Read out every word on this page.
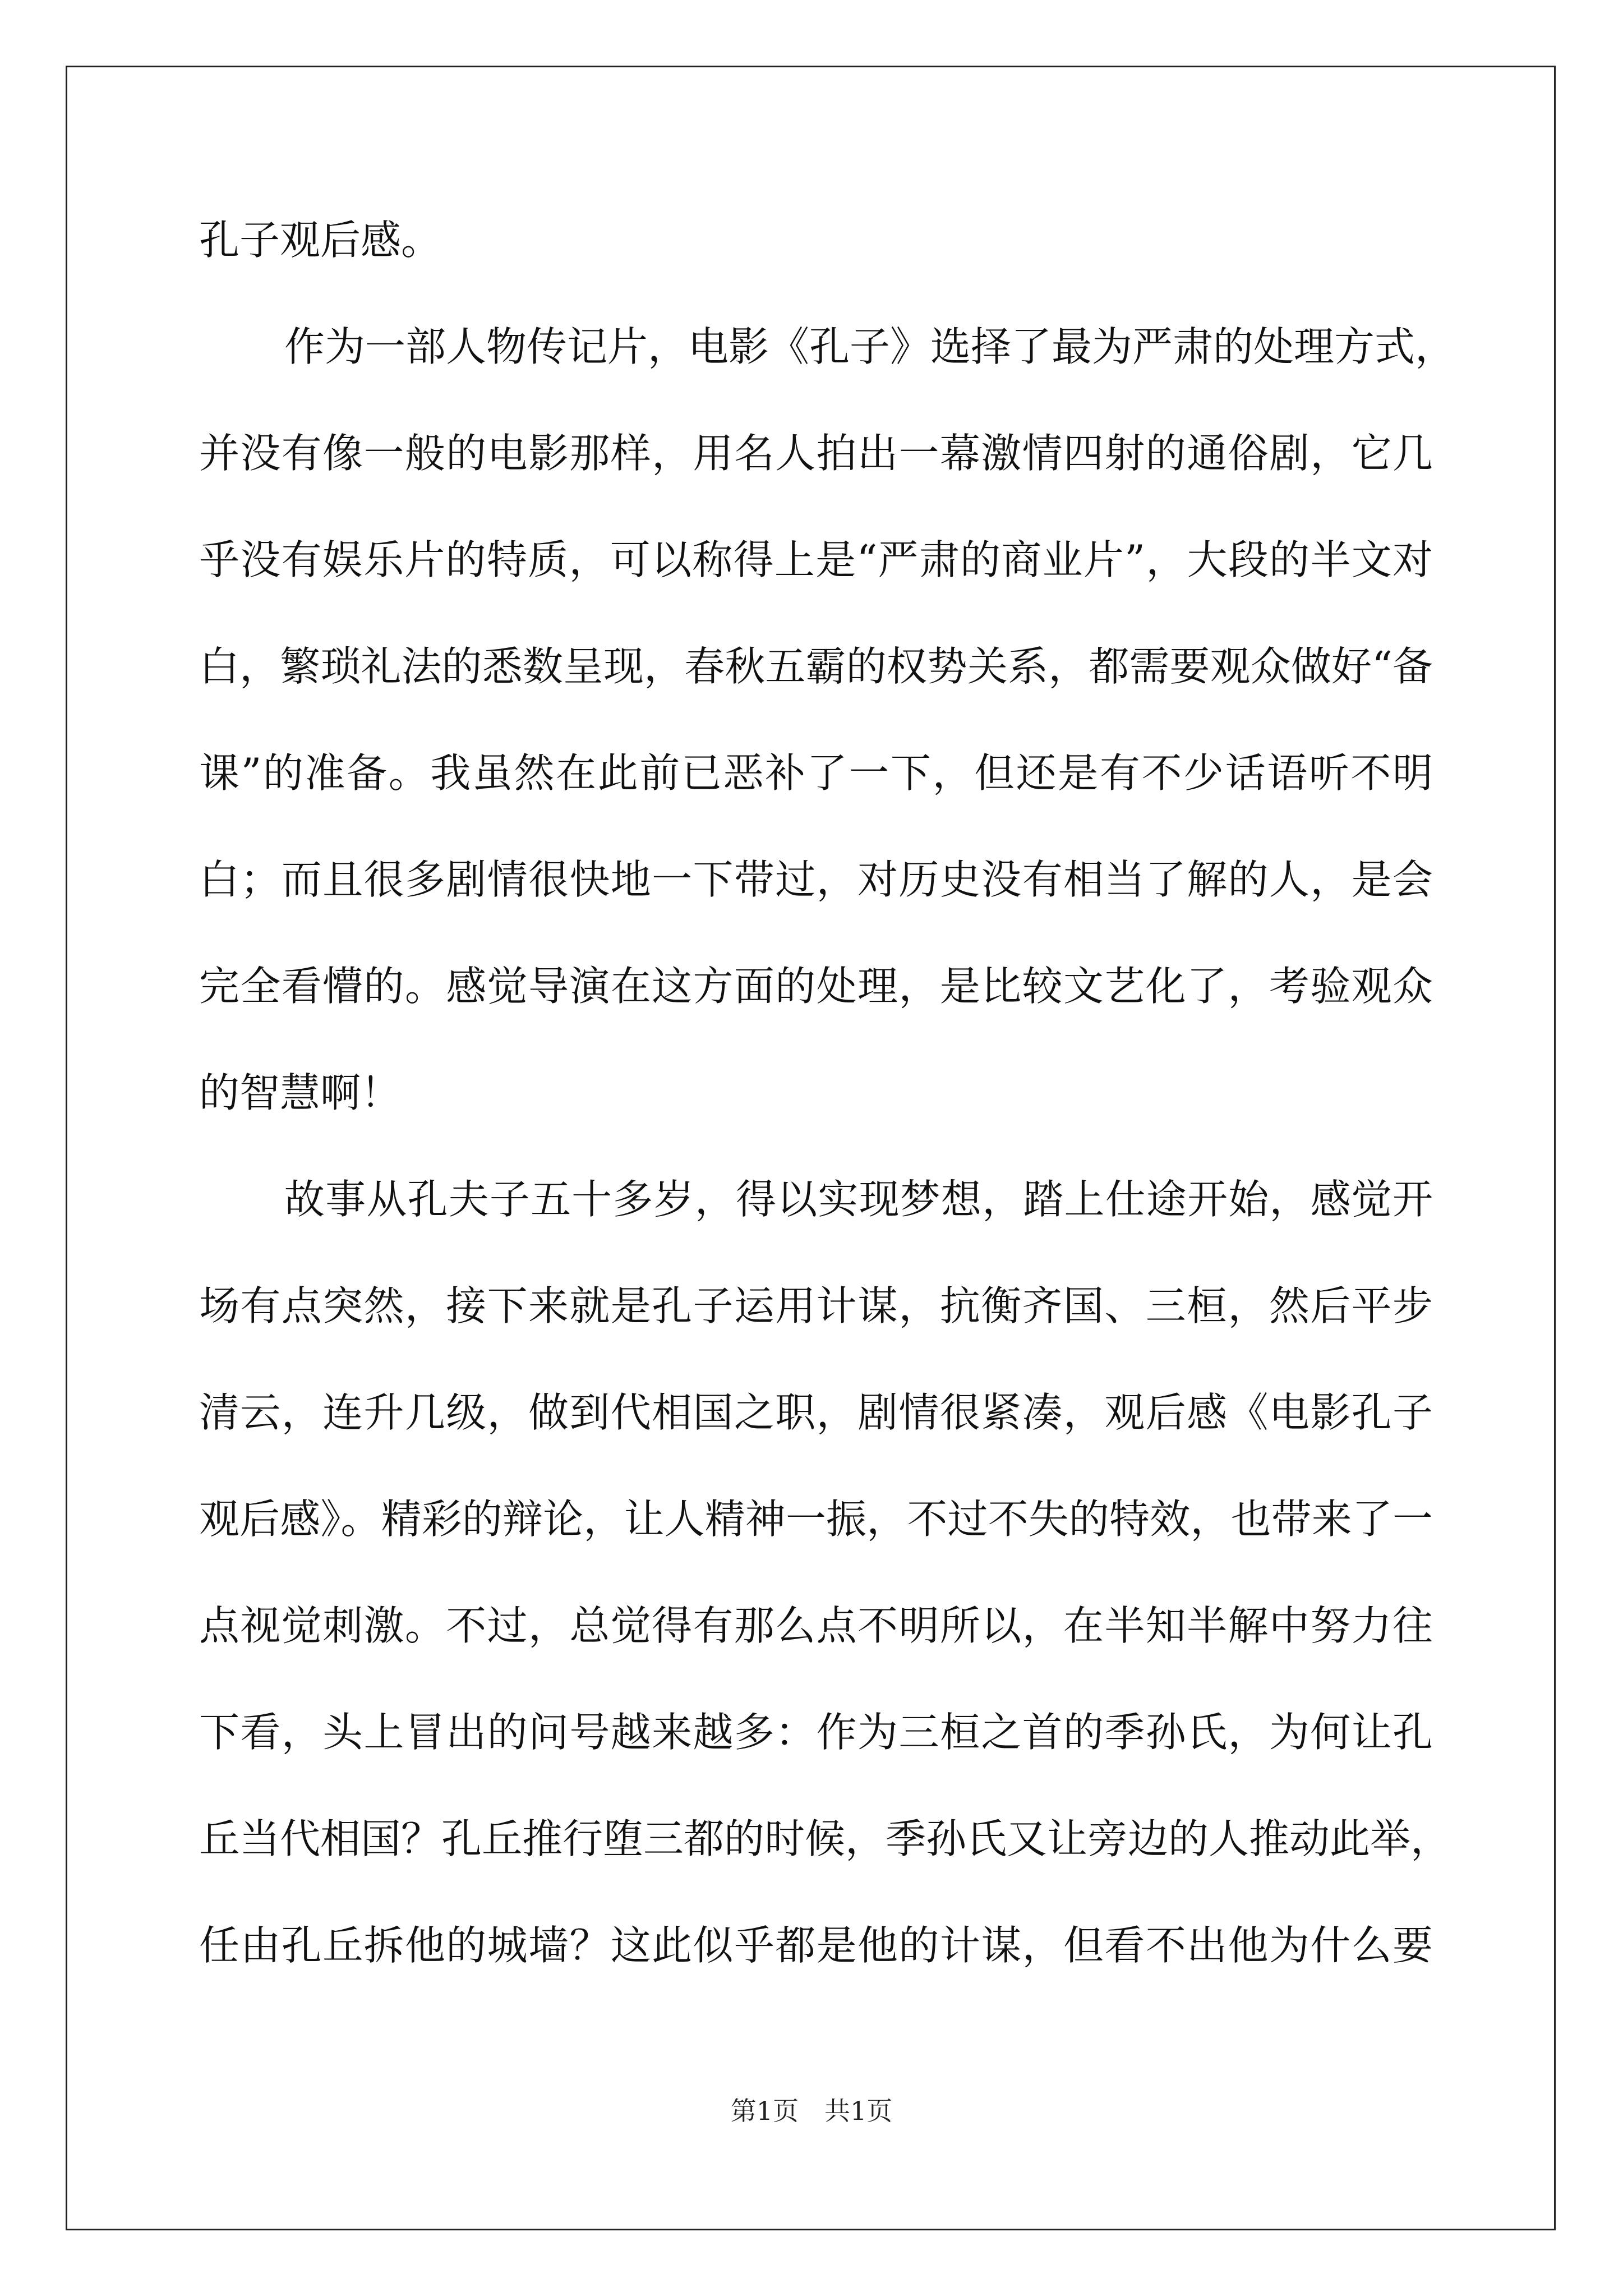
孔子观后感。
作为一部人物传记片，电影《孔子》选择了最为严肃的处理方式，
并没有像一般的电影那样，用名人拍出一幕激情四射的通俗剧，它几
乎没有娱乐片的特质，可以称得上是“严肃的商业片”，大段的半文对
白，繁琐礼法的悉数呈现，春秋五霸的权势关系，都需要观众做好“备
课”的准备。我虽然在此前已恶补了一下，但还是有不少话语听不明
白；而且很多剧情很快地一下带过，对历史没有相当了解的人，是会
完全看懵的。感觉导演在这方面的处理，是比较文艺化了，考验观众
的智慧啊！
故事从孔夫子五十多岁，得以实现梦想，踏上仕途开始，感觉开
场有点突然，接下来就是孔子运用计谋，抗衡齐国、三桓，然后平步
清云，连升几级，做到代相国之职，剧情很紧凑，观后感《电影孔子
观后感》。精彩的辩论，让人精神一振，不过不失的特效，也带来了一
点视觉刺激。不过，总觉得有那么点不明所以，在半知半解中努力往
下看，头上冒出的问号越来越多：作为三桓之首的季孙氏，为何让孔
丘当代相国？孔丘推行堕三都的时候，季孙氏又让旁边的人推动此举，
任由孔丘拆他的城墙？这此似乎都是他的计谋，但看不出他为什么要
第1页 共1页
